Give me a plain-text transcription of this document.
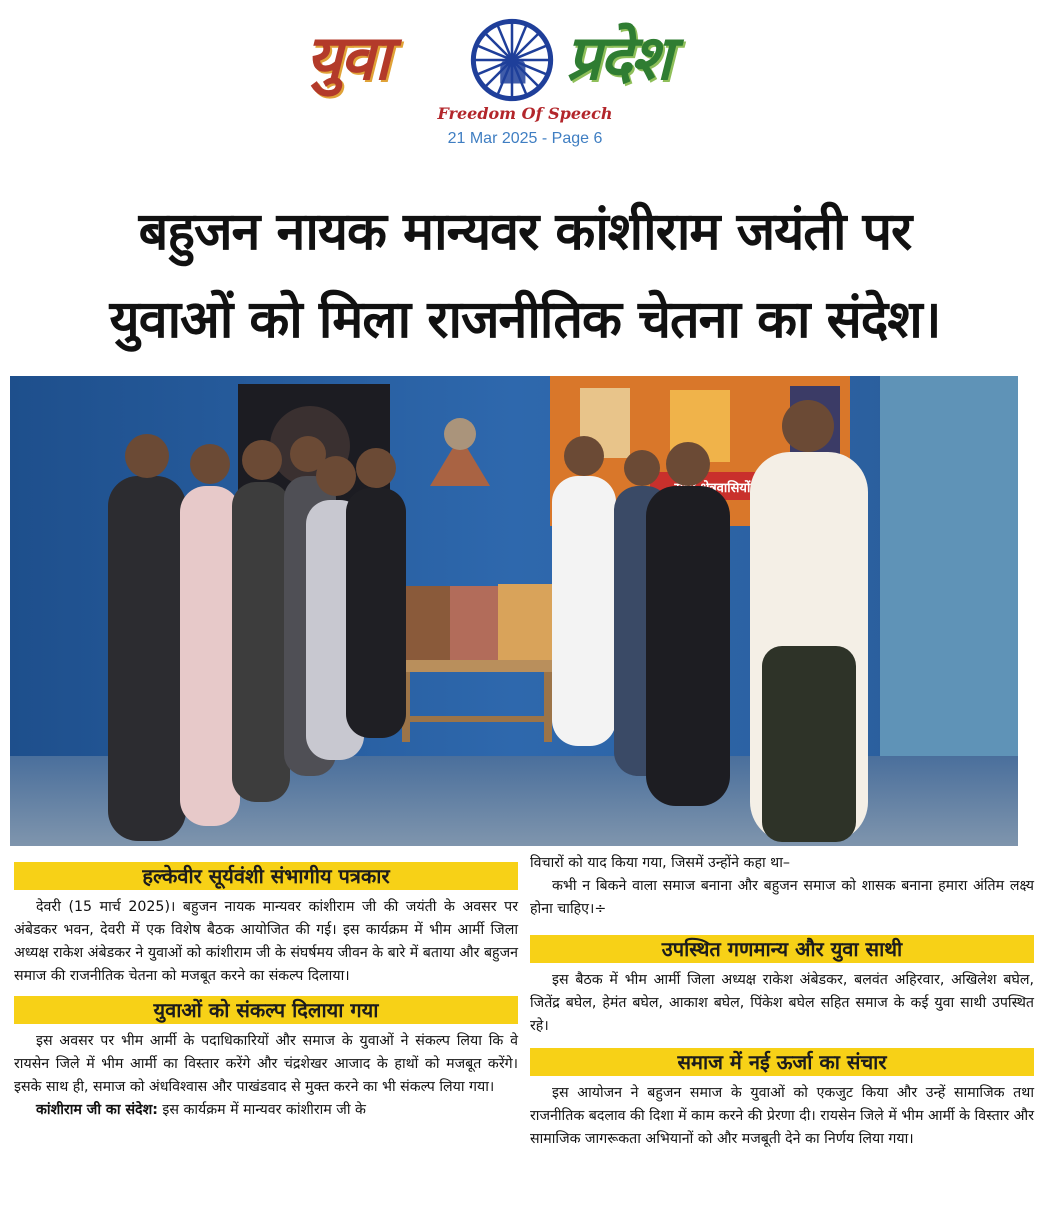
युवा	प्रदेश
Freedom Of Speech
21 Mar 2025 - Page 6
बहुजन नायक मान्यवर कांशीराम जयंती पर
युवाओं को मिला राजनीतिक चेतना का संदेश।
क्षेत्रवासियों
हल्केवीर सूर्यवंशी संभागीय पत्रकार

देवरी (15 मार्च 2025)। बहुजन नायक मान्यवर कांशीराम जी की जयंती के अवसर पर अंबेडकर भवन, देवरी में एक विशेष बैठक आयोजित की गई। इस कार्यक्रम में भीम आर्मी जिला अध्यक्ष राकेश अंबेडकर ने युवाओं को कांशीराम जी के संघर्षमय जीवन के बारे में बताया और बहुजन समाज की राजनीतिक चेतना को मजबूत करने का संकल्प दिलाया।

युवाओं को संकल्प दिलाया गया

इस अवसर पर भीम आर्मी के पदाधिकारियों और समाज के युवाओं ने संकल्प लिया कि वे रायसेन जिले में भीम आर्मी का विस्तार करेंगे और चंद्रशेखर आजाद के हाथों को मजबूत करेंगे। इसके साथ ही, समाज को अंधविश्वास और पाखंडवाद से मुक्त करने का भी संकल्प लिया गया।

कांशीराम जी का संदेश: इस कार्यक्रम में मान्यवर कांशीराम जी के

विचारों को याद किया गया, जिसमें उन्होंने कहा था–

कभी न बिकने वाला समाज बनाना और बहुजन समाज को शासक बनाना हमारा अंतिम लक्ष्य होना चाहिए।÷

उपस्थित गणमान्य और युवा साथी

इस बैठक में भीम आर्मी जिला अध्यक्ष राकेश अंबेडकर, बलवंत अहिरवार, अखिलेश बघेल, जितेंद्र बघेल, हेमंत बघेल, आकाश बघेल, पिंकेश बघेल सहित समाज के कई युवा साथी उपस्थित रहे।

समाज में नई ऊर्जा का संचार

इस आयोजन ने बहुजन समाज के युवाओं को एकजुट किया और उन्हें सामाजिक तथा राजनीतिक बदलाव की दिशा में काम करने की प्रेरणा दी। रायसेन जिले में भीम आर्मी के विस्तार और सामाजिक जागरूकता अभियानों को और मजबूती देने का निर्णय लिया गया।
